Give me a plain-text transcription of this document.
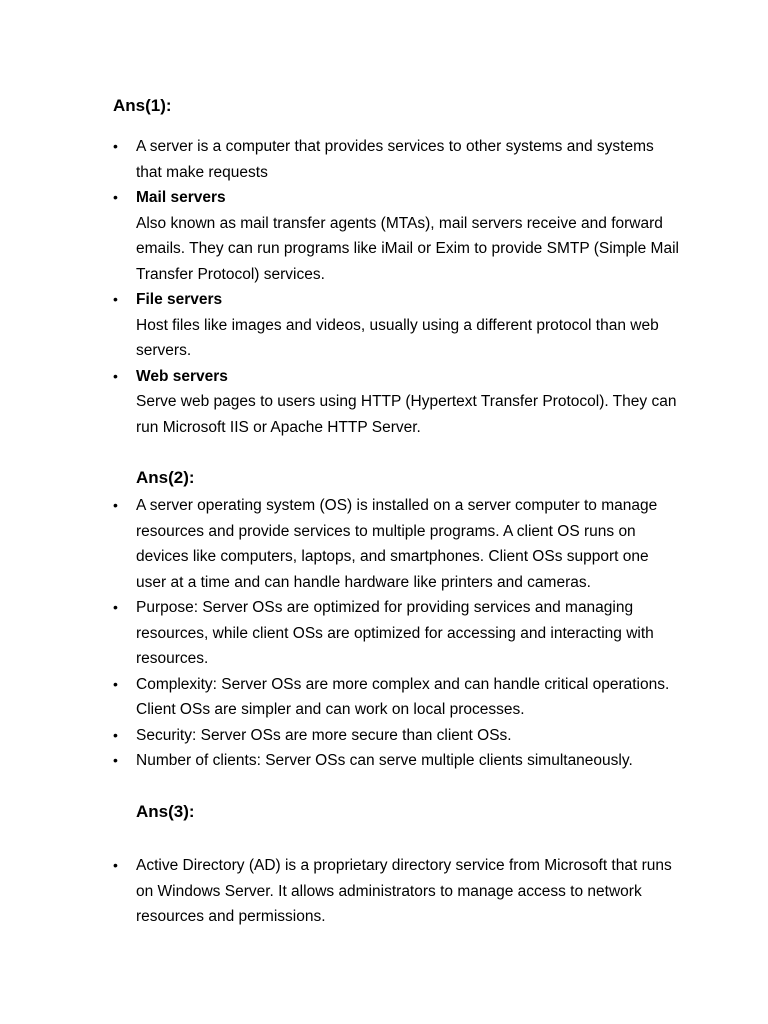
Ans(1):
•	A server is a computer that provides services to other systems and systems that make requests
•	Mail servers
Also known as mail transfer agents (MTAs), mail servers receive and forward emails. They can run programs like iMail or Exim to provide SMTP (Simple Mail Transfer Protocol) services.
•	File servers
Host files like images and videos, usually using a different protocol than web servers.
•	Web servers
Serve web pages to users using HTTP (Hypertext Transfer Protocol). They can run Microsoft IIS or Apache HTTP Server.
Ans(2):
•	A server operating system (OS) is installed on a server computer to manage resources and provide services to multiple programs. A client OS runs on devices like computers, laptops, and smartphones. Client OSs support one user at a time and can handle hardware like printers and cameras.
•	Purpose: Server OSs are optimized for providing services and managing resources, while client OSs are optimized for accessing and interacting with resources.
•	Complexity: Server OSs are more complex and can handle critical operations. Client OSs are simpler and can work on local processes.
•	Security: Server OSs are more secure than client OSs.
•	Number of clients: Server OSs can serve multiple clients simultaneously.
Ans(3):
•	Active Directory (AD) is a proprietary directory service from Microsoft that runs on Windows Server. It allows administrators to manage access to network resources and permissions.
